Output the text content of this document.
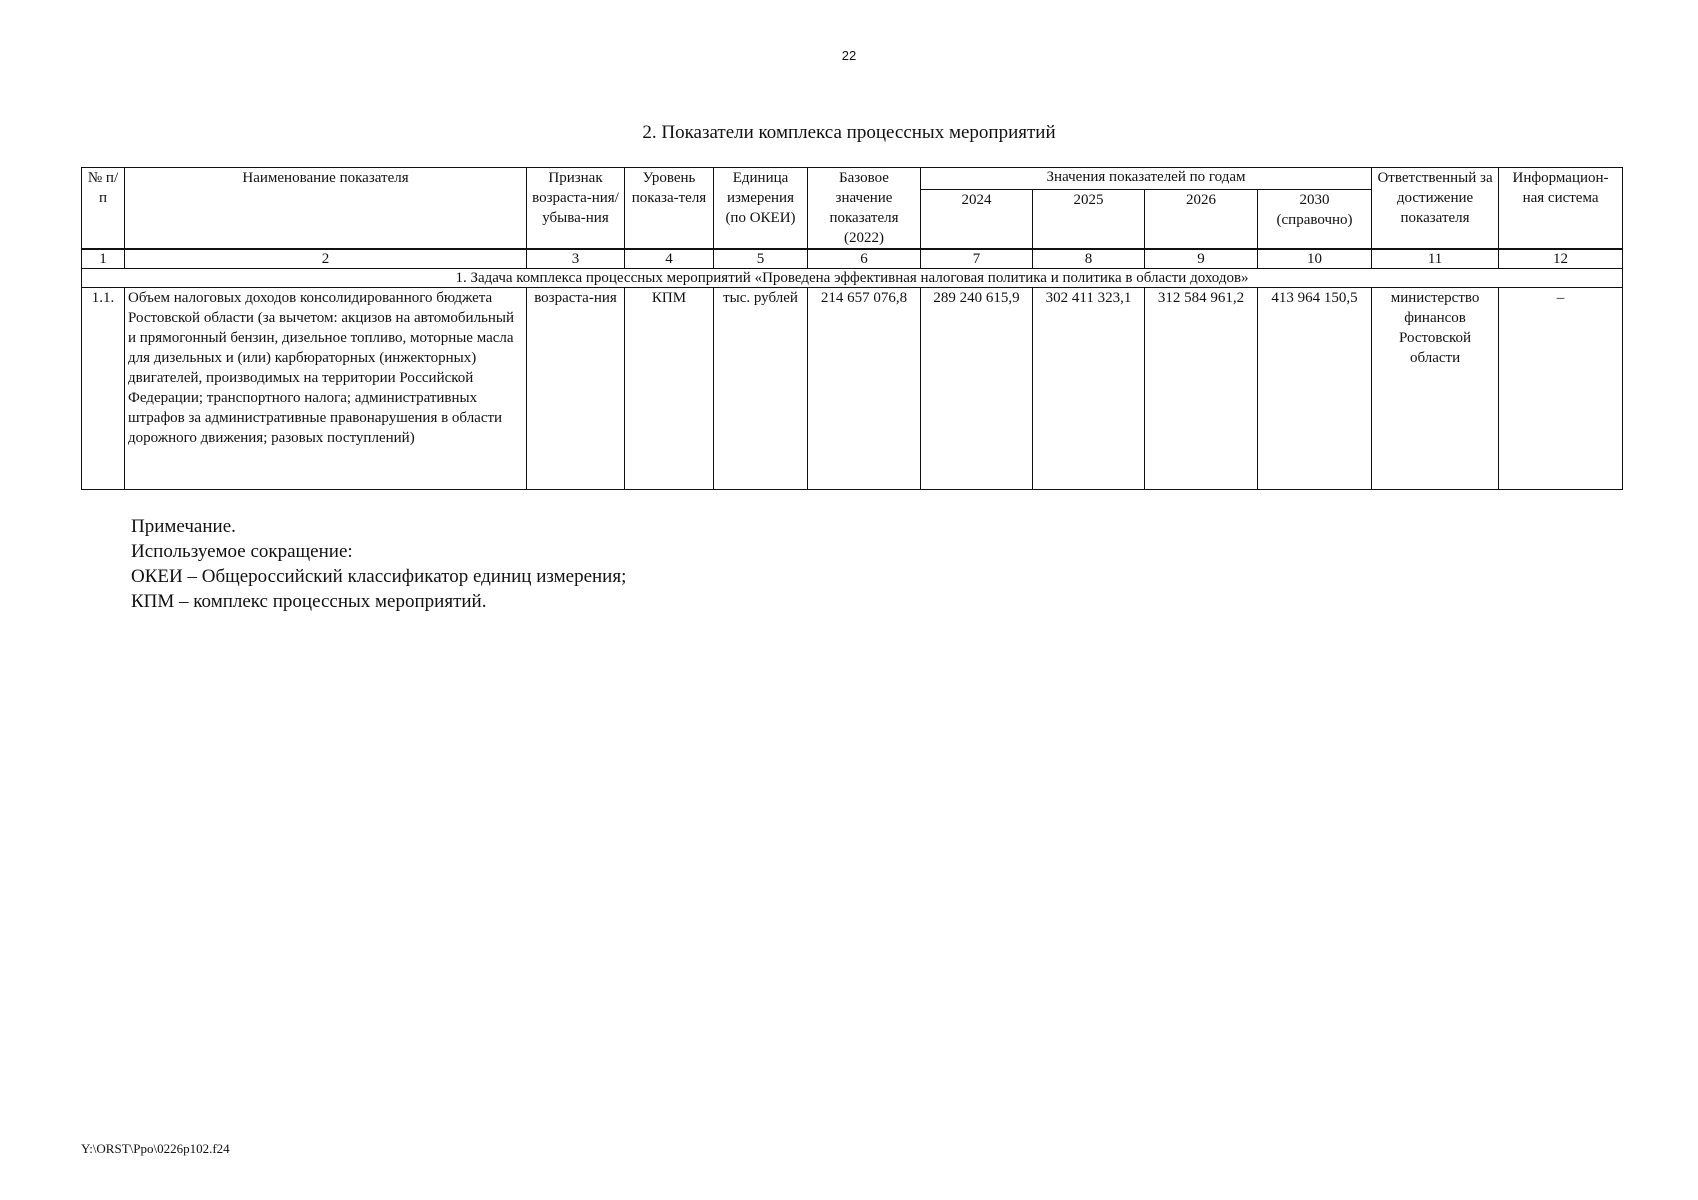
22
2. Показатели комплекса процессных мероприятий
№ п/п	Наименование показателя	Признак возраста-ния/убыва-ния	Уровень показа-теля	Единица измерения (по ОКЕИ)	Базовое значение показателя (2022)	Значения показателей по годам				Ответственный за достижение показателя	Информацион-ная система
						2024	2025	2026	2030 (справочно)		
1	2	3	4	5	6	7	8	9	10	11	12
1. Задача комплекса процессных мероприятий «Проведена эффективная налоговая политика и политика в области доходов»											
1.1.	Объем налоговых доходов консолидированного бюджета Ростовской области (за вычетом: акцизов на автомобильный и прямогонный бензин, дизельное топливо, моторные масла для дизельных и (или) карбюраторных (инжекторных) двигателей, производимых на территории Российской Федерации; транспортного налога; административных штрафов за административные правонарушения в области дорожного движения; разовых поступлений)	возраста-ния	КПМ	тыс. рублей	214 657 076,8	289 240 615,9	302 411 323,1	312 584 961,2	413 964 150,5	министерство финансов Ростовской области	–
Примечание.
Используемое сокращение:
ОКЕИ – Общероссийский классификатор единиц измерения;
КПМ – комплекс процессных мероприятий.
Y:\ORST\Ppo\0226p102.f24
